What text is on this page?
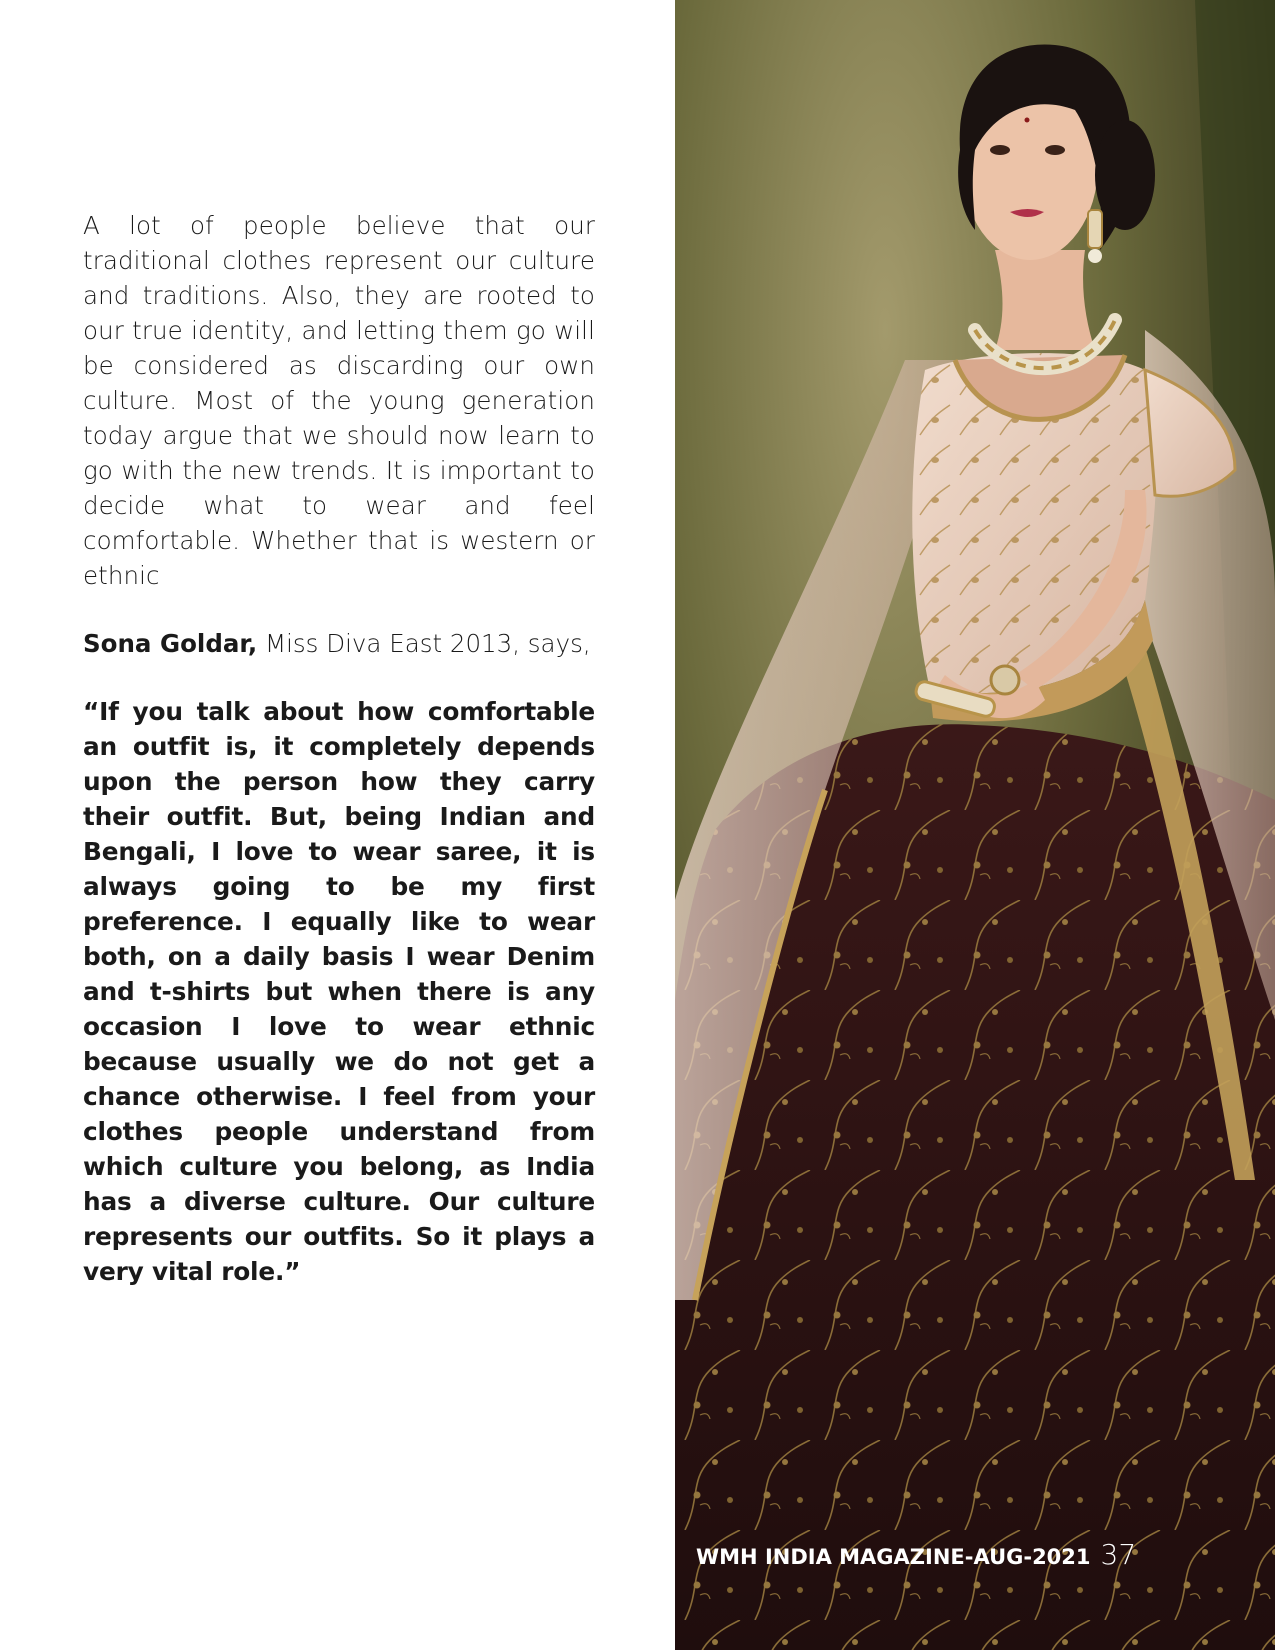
A lot of people believe that our traditional clothes represent our culture and traditions. Also, they are rooted to our true identity, and letting them go will be considered as discarding our own culture. Most of the young generation today argue that we should now learn to go with the new trends. It is important to decide what to wear and feel comfortable. Whether that is western or ethnic

Sona Goldar, Miss Diva East 2013, says,

“If you talk about how comfortable an outfit is, it completely depends upon the person how they carry their outfit. But, being Indian and Bengali, I love to wear saree, it is always going to be my first preference. I equally like to wear both, on a daily basis I wear Denim and t-shirts but when there is any occasion I love to wear ethnic because usually we do not get a chance otherwise. I feel from your clothes people understand from which culture you belong, as India has a diverse culture. Our culture represents our outfits. So it plays a very vital role.”

WMH INDIA MAGAZINE-AUG-2021 37
